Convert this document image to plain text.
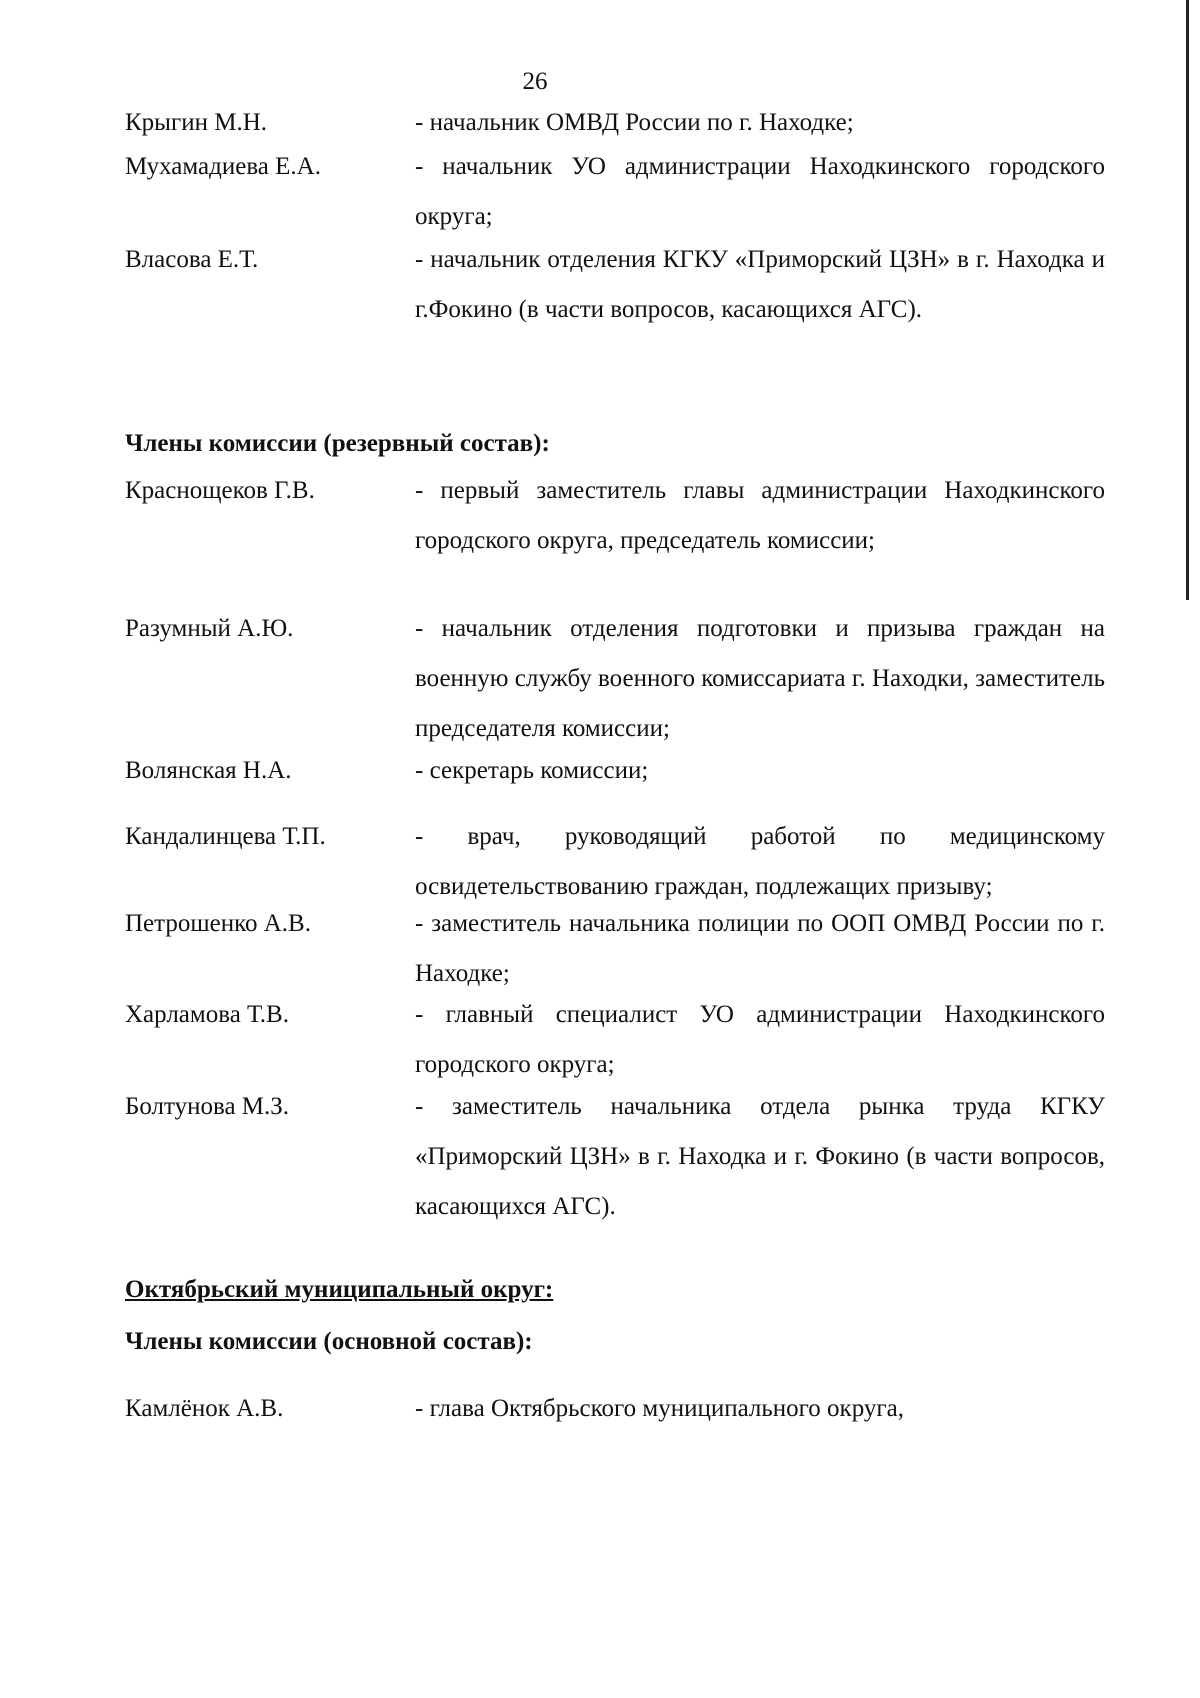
26
Крыгин М.Н.	- начальник ОМВД России по г. Находке;
Мухамадиева Е.А.	- начальник УО администрации Находкинского городского округа;
Власова Е.Т.	- начальник отделения КГКУ «Приморский ЦЗН» в г. Находка и г.Фокино (в части вопросов, касающихся АГС).
Члены комиссии (резервный состав):
Краснощеков Г.В.	- первый заместитель главы администрации Находкинского городского округа, председатель комиссии;
Разумный А.Ю.	- начальник отделения подготовки и призыва граждан на военную службу военного комиссариата г. Находки, заместитель председателя комиссии;
Волянская Н.А.	- секретарь комиссии;
Кандалинцева Т.П.	- врач, руководящий работой по медицинскому освидетельствованию граждан, подлежащих призыву;
Петрошенко А.В.	- заместитель начальника полиции по ООП ОМВД России по г. Находке;
Харламова Т.В.	- главный специалист УО администрации Находкинского городского округа;
Болтунова М.З.	- заместитель начальника отдела рынка труда КГКУ «Приморский ЦЗН» в г. Находка и г. Фокино (в части вопросов, касающихся АГС).
Октябрьский муниципальный округ:
Члены комиссии (основной состав):
Камлёнок А.В.	- глава Октябрьского муниципального округа,
